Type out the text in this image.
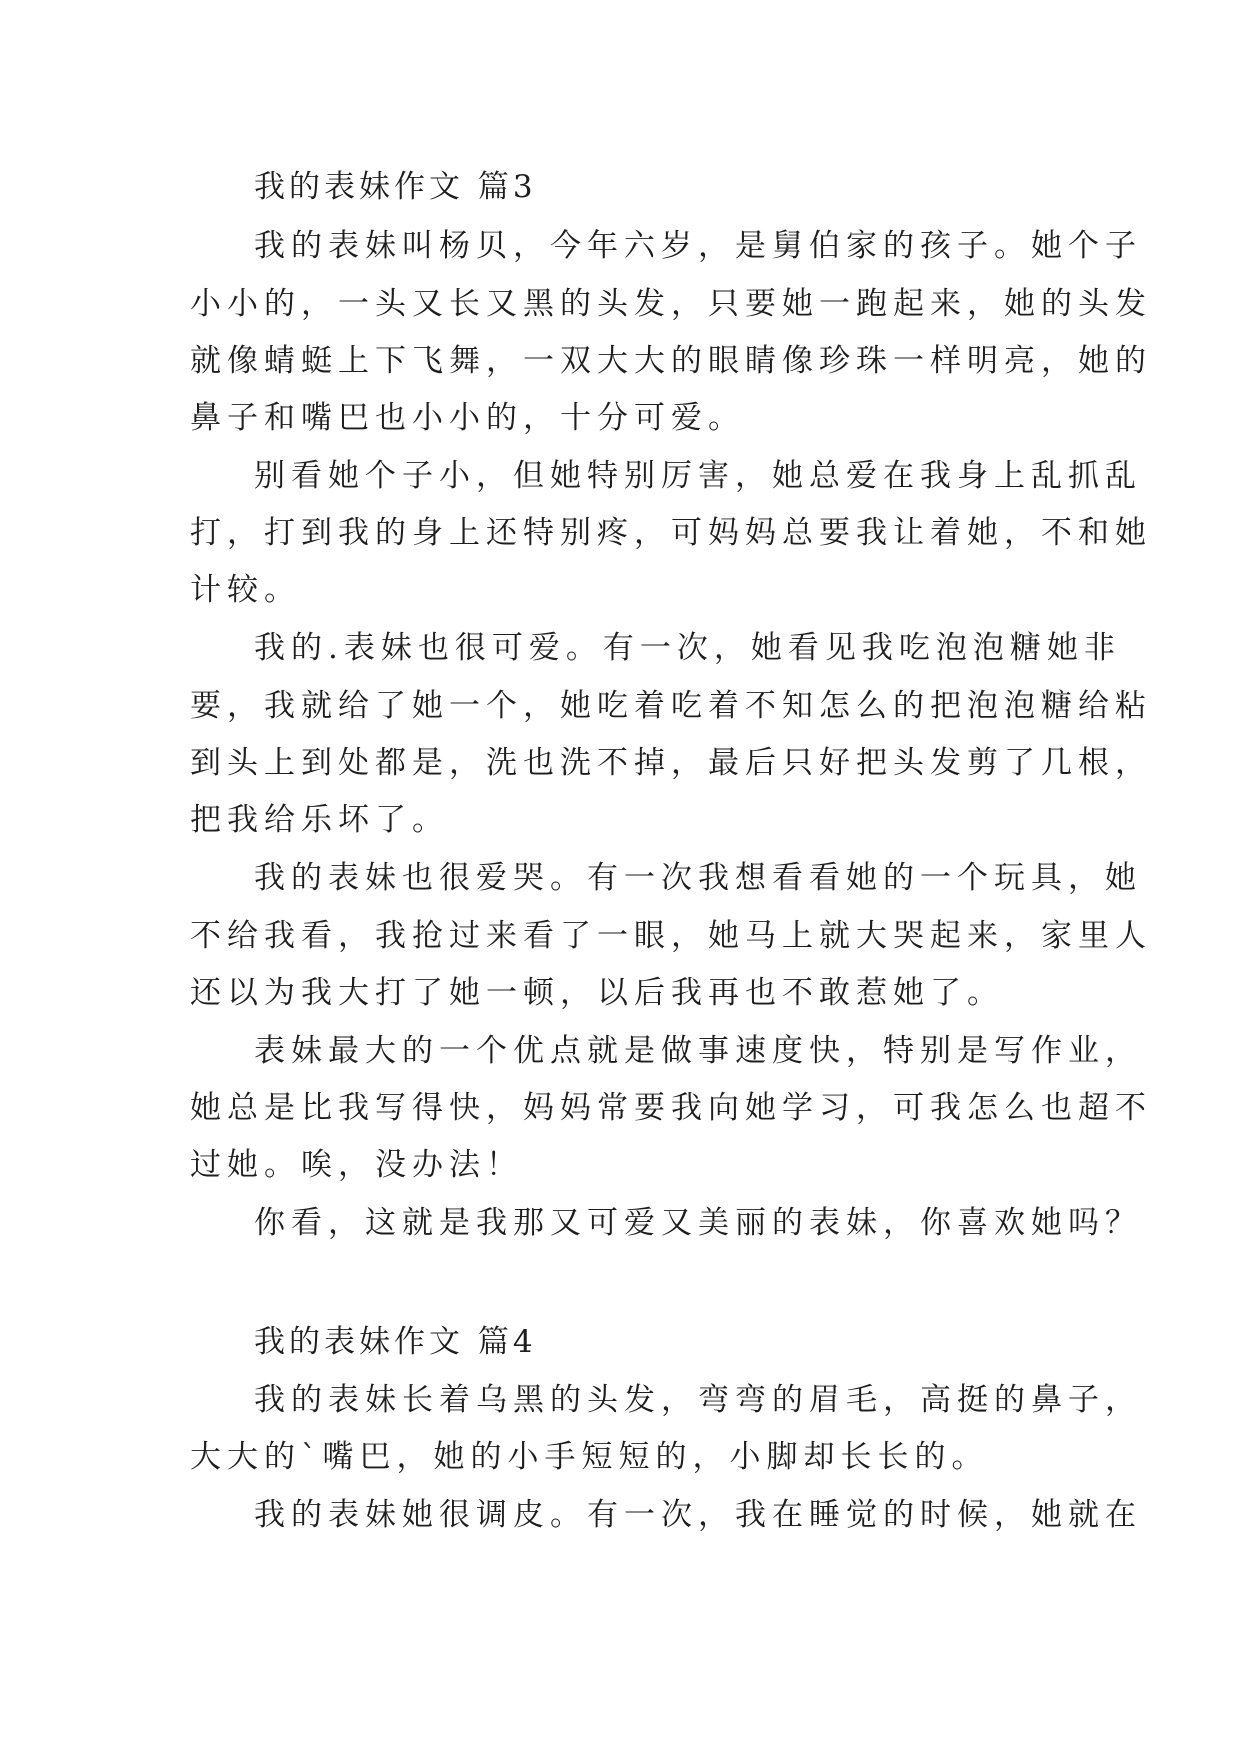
我的表妹作文 篇3
我的表妹叫杨贝，今年六岁，是舅伯家的孩子。她个子
小小的，一头又长又黑的头发，只要她一跑起来，她的头发
就像蜻蜓上下飞舞，一双大大的眼睛像珍珠一样明亮，她的
鼻子和嘴巴也小小的，十分可爱。
别看她个子小，但她特别厉害，她总爱在我身上乱抓乱
打，打到我的身上还特别疼，可妈妈总要我让着她，不和她
计较。
我的.表妹也很可爱。有一次，她看见我吃泡泡糖她非
要，我就给了她一个，她吃着吃着不知怎么的把泡泡糖给粘
到头上到处都是，洗也洗不掉，最后只好把头发剪了几根，
把我给乐坏了。
我的表妹也很爱哭。有一次我想看看她的一个玩具，她
不给我看，我抢过来看了一眼，她马上就大哭起来，家里人
还以为我大打了她一顿，以后我再也不敢惹她了。
表妹最大的一个优点就是做事速度快，特别是写作业，
她总是比我写得快，妈妈常要我向她学习，可我怎么也超不
过她。唉，没办法！
你看，这就是我那又可爱又美丽的表妹，你喜欢她吗？
我的表妹作文 篇4
我的表妹长着乌黑的头发，弯弯的眉毛，高挺的鼻子，
大大的`嘴巴，她的小手短短的，小脚却长长的。
我的表妹她很调皮。有一次，我在睡觉的时候，她就在
